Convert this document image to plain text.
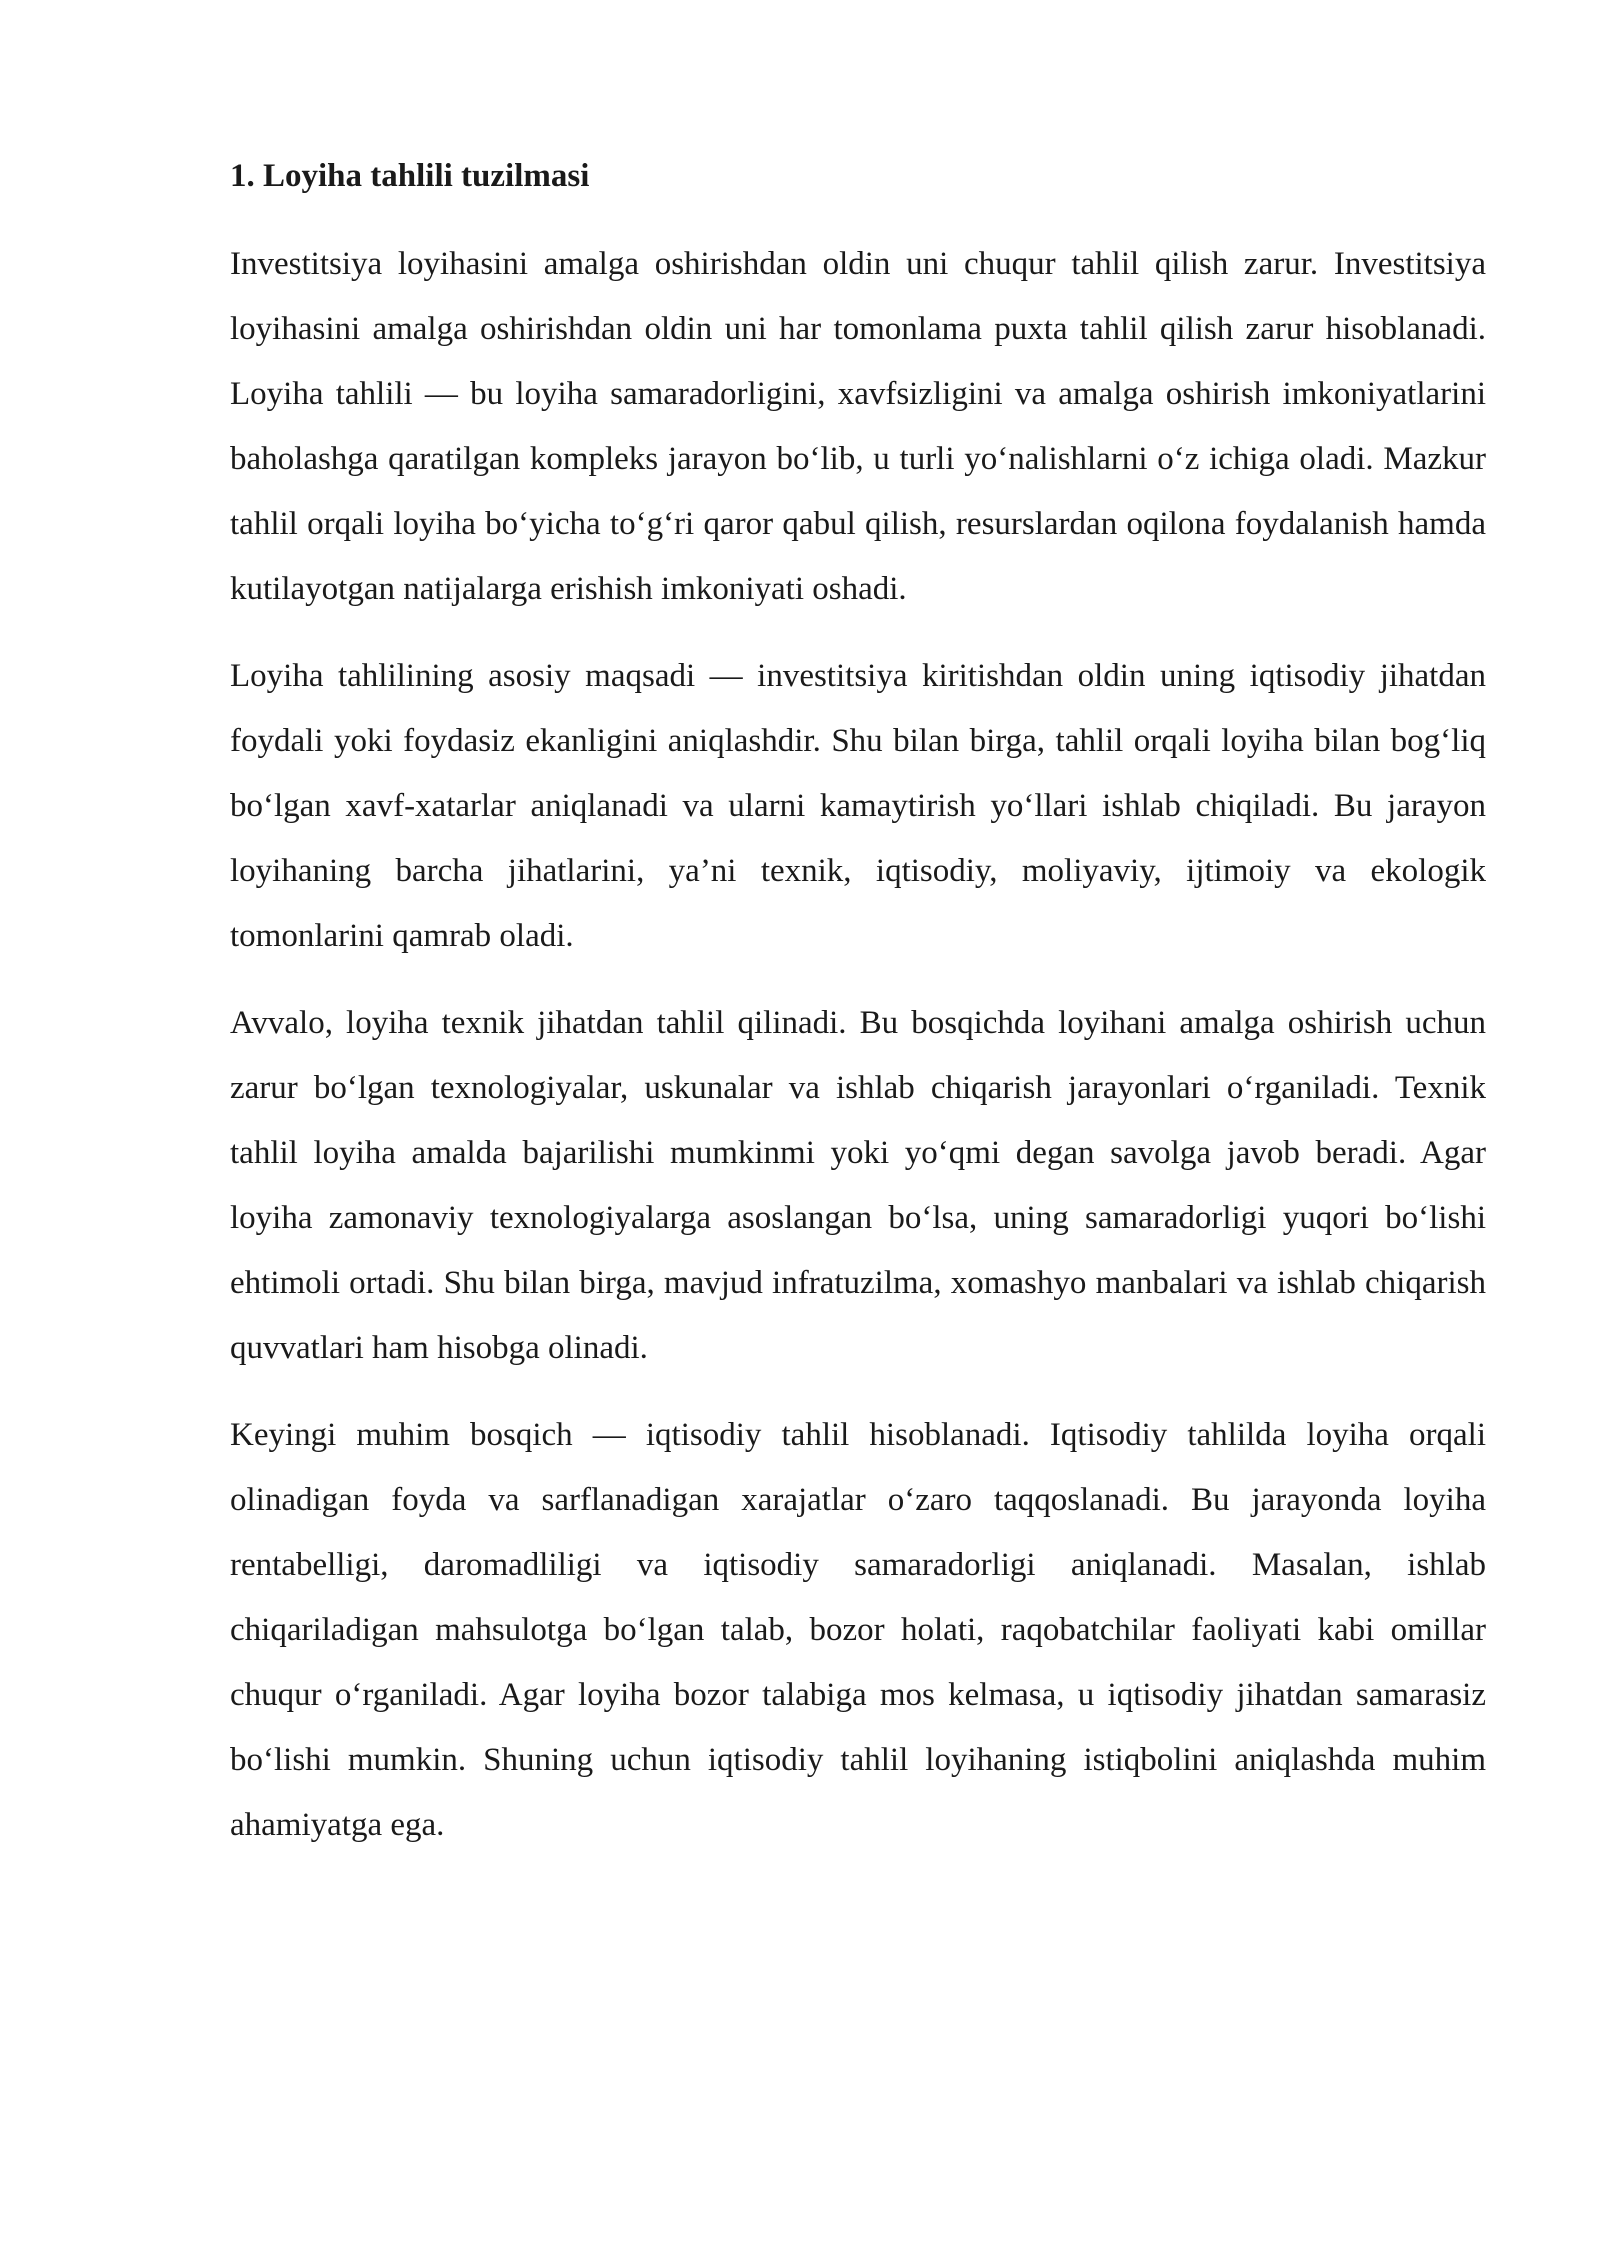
1. Loyiha tahlili tuzilmasi

Investitsiya loyihasini amalga oshirishdan oldin uni chuqur tahlil qilish zarur. Investitsiya loyihasini amalga oshirishdan oldin uni har tomonlama puxta tahlil qilish zarur hisoblanadi. Loyiha tahlili — bu loyiha samaradorligini, xavfsizligini va amalga oshirish imkoniyatlarini baholashga qaratilgan kompleks jarayon bo‘lib, u turli yo‘nalishlarni o‘z ichiga oladi. Mazkur tahlil orqali loyiha bo‘yicha to‘g‘ri qaror qabul qilish, resurslardan oqilona foydalanish hamda kutilayotgan natijalarga erishish imkoniyati oshadi.

Loyiha tahlilining asosiy maqsadi — investitsiya kiritishdan oldin uning iqtisodiy jihatdan foydali yoki foydasiz ekanligini aniqlashdir. Shu bilan birga, tahlil orqali loyiha bilan bog‘liq bo‘lgan xavf-xatarlar aniqlanadi va ularni kamaytirish yo‘llari ishlab chiqiladi. Bu jarayon loyihaning barcha jihatlarini, ya’ni texnik, iqtisodiy, moliyaviy, ijtimoiy va ekologik tomonlarini qamrab oladi.

Avvalo, loyiha texnik jihatdan tahlil qilinadi. Bu bosqichda loyihani amalga oshirish uchun zarur bo‘lgan texnologiyalar, uskunalar va ishlab chiqarish jarayonlari o‘rganiladi. Texnik tahlil loyiha amalda bajarilishi mumkinmi yoki yo‘qmi degan savolga javob beradi. Agar loyiha zamonaviy texnologiyalarga asoslangan bo‘lsa, uning samaradorligi yuqori bo‘lishi ehtimoli ortadi. Shu bilan birga, mavjud infratuzilma, xomashyo manbalari va ishlab chiqarish quvvatlari ham hisobga olinadi.

Keyingi muhim bosqich — iqtisodiy tahlil hisoblanadi. Iqtisodiy tahlilda loyiha orqali olinadigan foyda va sarflanadigan xarajatlar o‘zaro taqqoslanadi. Bu jarayonda loyiha rentabelligi, daromadliligi va iqtisodiy samaradorligi aniqlanadi. Masalan, ishlab chiqariladigan mahsulotga bo‘lgan talab, bozor holati, raqobatchilar faoliyati kabi omillar chuqur o‘rganiladi. Agar loyiha bozor talabiga mos kelmasa, u iqtisodiy jihatdan samarasiz bo‘lishi mumkin. Shuning uchun iqtisodiy tahlil loyihaning istiqbolini aniqlashda muhim ahamiyatga ega.
